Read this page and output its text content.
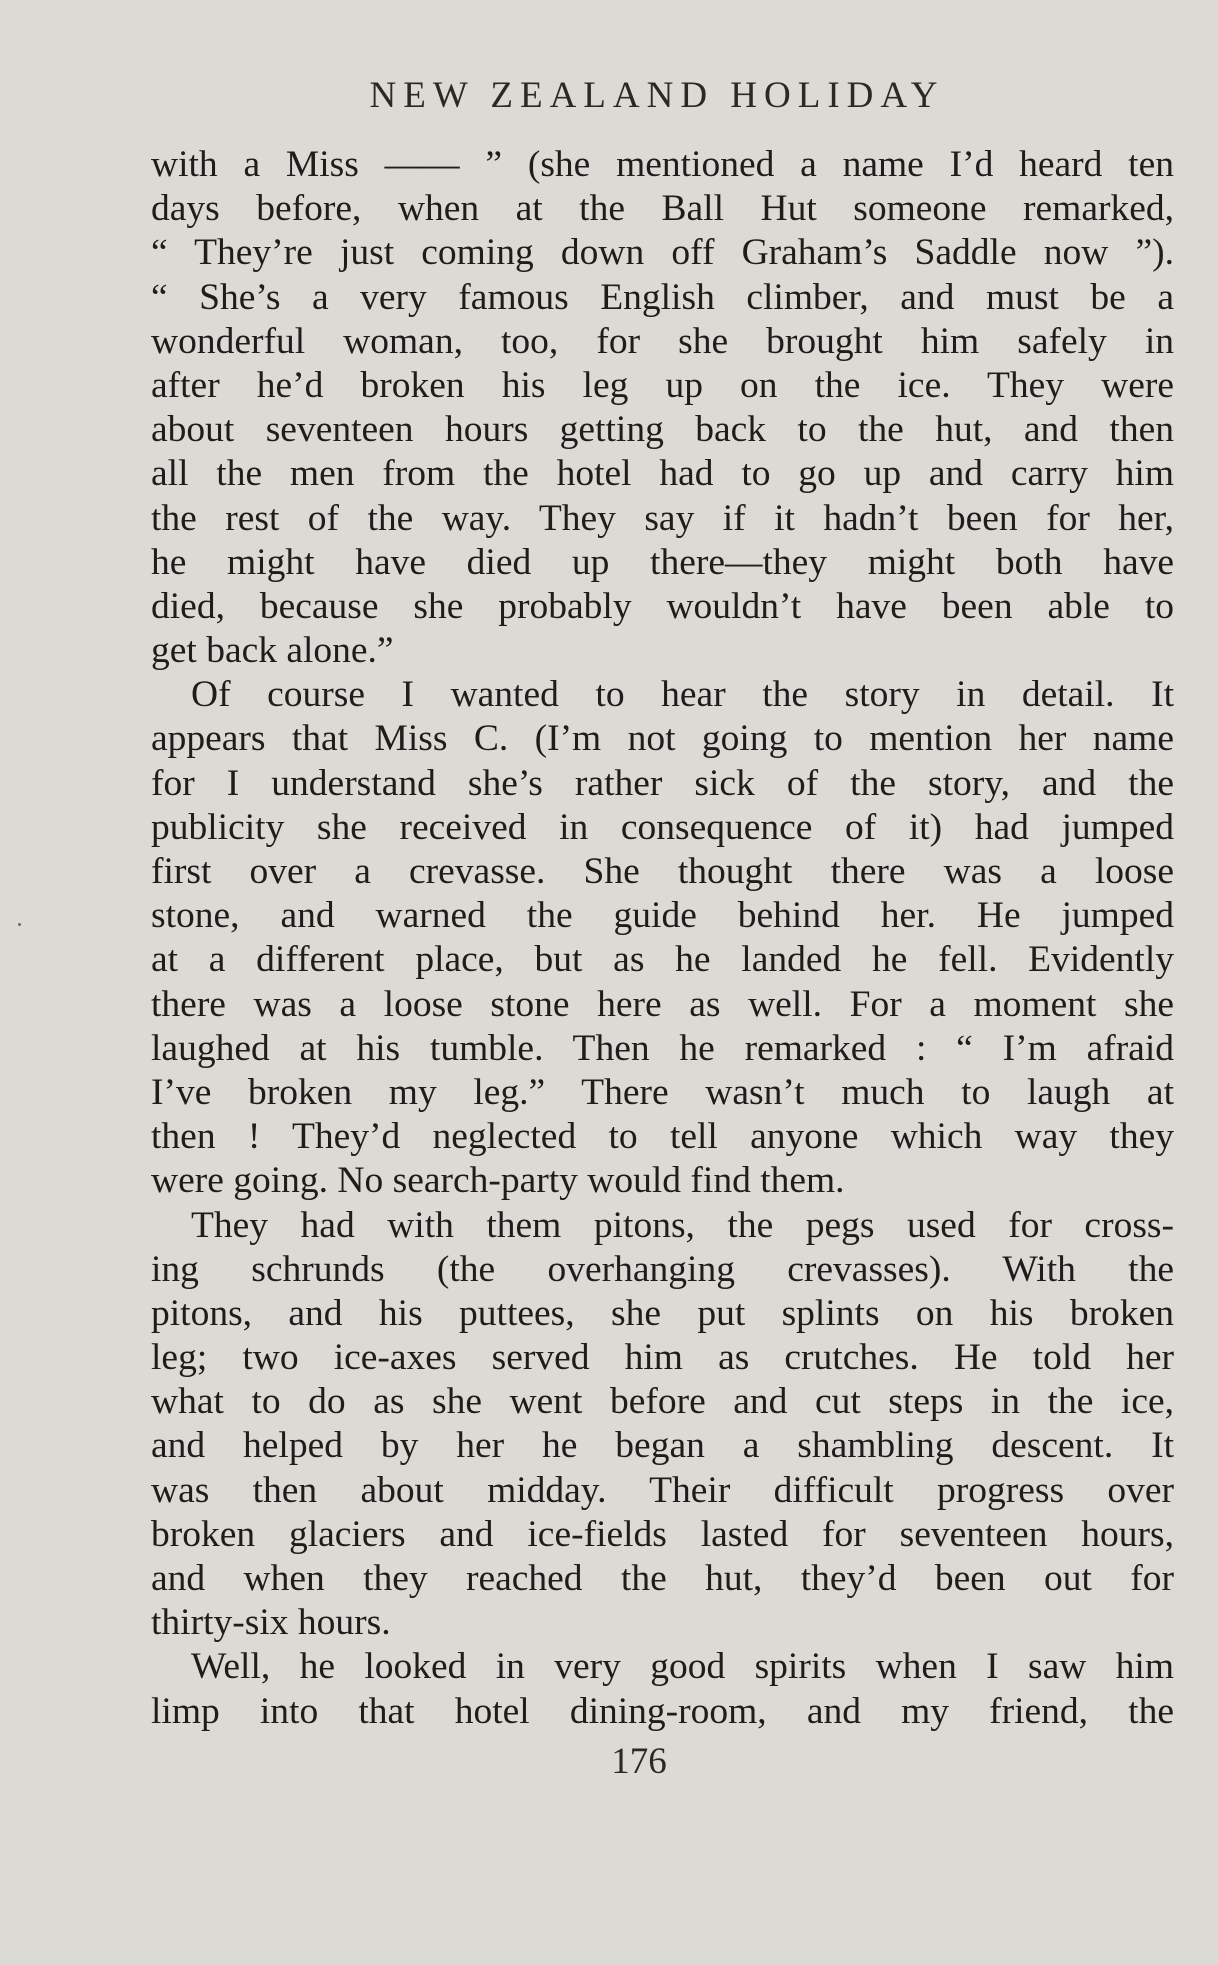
NEW ZEALAND HOLIDAY
with a Miss —— ” (she mentioned a name I’d heard ten
days before, when at the Ball Hut someone remarked,
“ They’re just coming down off Graham’s Saddle now ”).
“ She’s a very famous English climber, and must be a
wonderful woman, too, for she brought him safely in
after he’d broken his leg up on the ice. They were
about seventeen hours getting back to the hut, and then
all the men from the hotel had to go up and carry him
the rest of the way. They say if it hadn’t been for her,
he might have died up there—they might both have
died, because she probably wouldn’t have been able to
get back alone.”
Of course I wanted to hear the story in detail. It
appears that Miss C. (I’m not going to mention her name
for I understand she’s rather sick of the story, and the
publicity she received in consequence of it) had jumped
first over a crevasse. She thought there was a loose
stone, and warned the guide behind her. He jumped
at a different place, but as he landed he fell. Evidently
there was a loose stone here as well. For a moment she
laughed at his tumble. Then he remarked : “ I’m afraid
I’ve broken my leg.” There wasn’t much to laugh at
then ! They’d neglected to tell anyone which way they
were going. No search-party would find them.
They had with them pitons, the pegs used for cross-
ing schrunds (the overhanging crevasses). With the
pitons, and his puttees, she put splints on his broken
leg; two ice-axes served him as crutches. He told her
what to do as she went before and cut steps in the ice,
and helped by her he began a shambling descent. It
was then about midday. Their difficult progress over
broken glaciers and ice-fields lasted for seventeen hours,
and when they reached the hut, they’d been out for
thirty-six hours.
Well, he looked in very good spirits when I saw him
limp into that hotel dining-room, and my friend, the
176
